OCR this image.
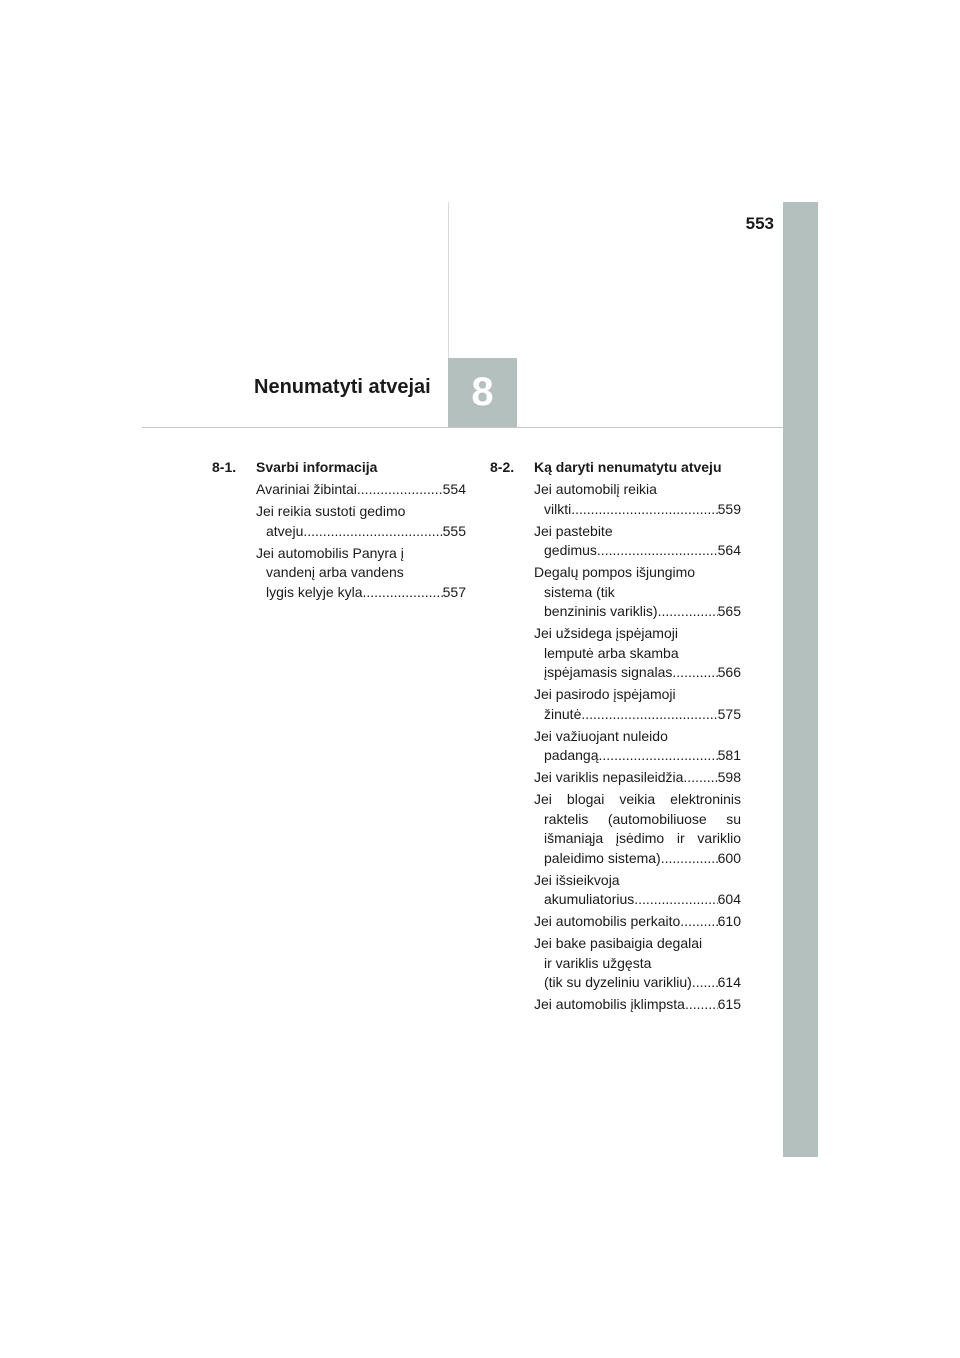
553
Nenumatyti atvejai 8
8-1.	Svarbi informacija
Avariniai žibintai .....	554
Jei reikia sustoti gedimo
atveju .....	555
Jei automobilis Panyra į
vandenį arba vandens
lygis kelyje kyla .....	557
8-2.	Ką daryti nenumatytu atveju
Jei automobilį reikia
vilkti .....	559
Jei pastebite
gedimus .....	564
Degalų pompos išjungimo
sistema (tik
benzininis variklis) .....	565
Jei užsidega įspėjamoji
lemputė arba skamba
įspėjamasis signalas .....	566
Jei pasirodo įspėjamoji
žinutė .....	575
Jei važiuojant nuleido
padangą .....	581
Jei variklis nepasileidžia ..... 598
Jei blogai veikia elektroninis
raktelis (automobiliuose su
išmaniąja įsėdimo ir variklio
paleidimo sistema) .....	600
Jei išsieikvoja
akumuliatorius .....	604
Jei automobilis perkaito .....	610
Jei bake pasibaigia degalai
ir variklis užgęsta
(tik su dyzeliniu varikliu) ..... 614
Jei automobilis įklimpsta ..... 615
